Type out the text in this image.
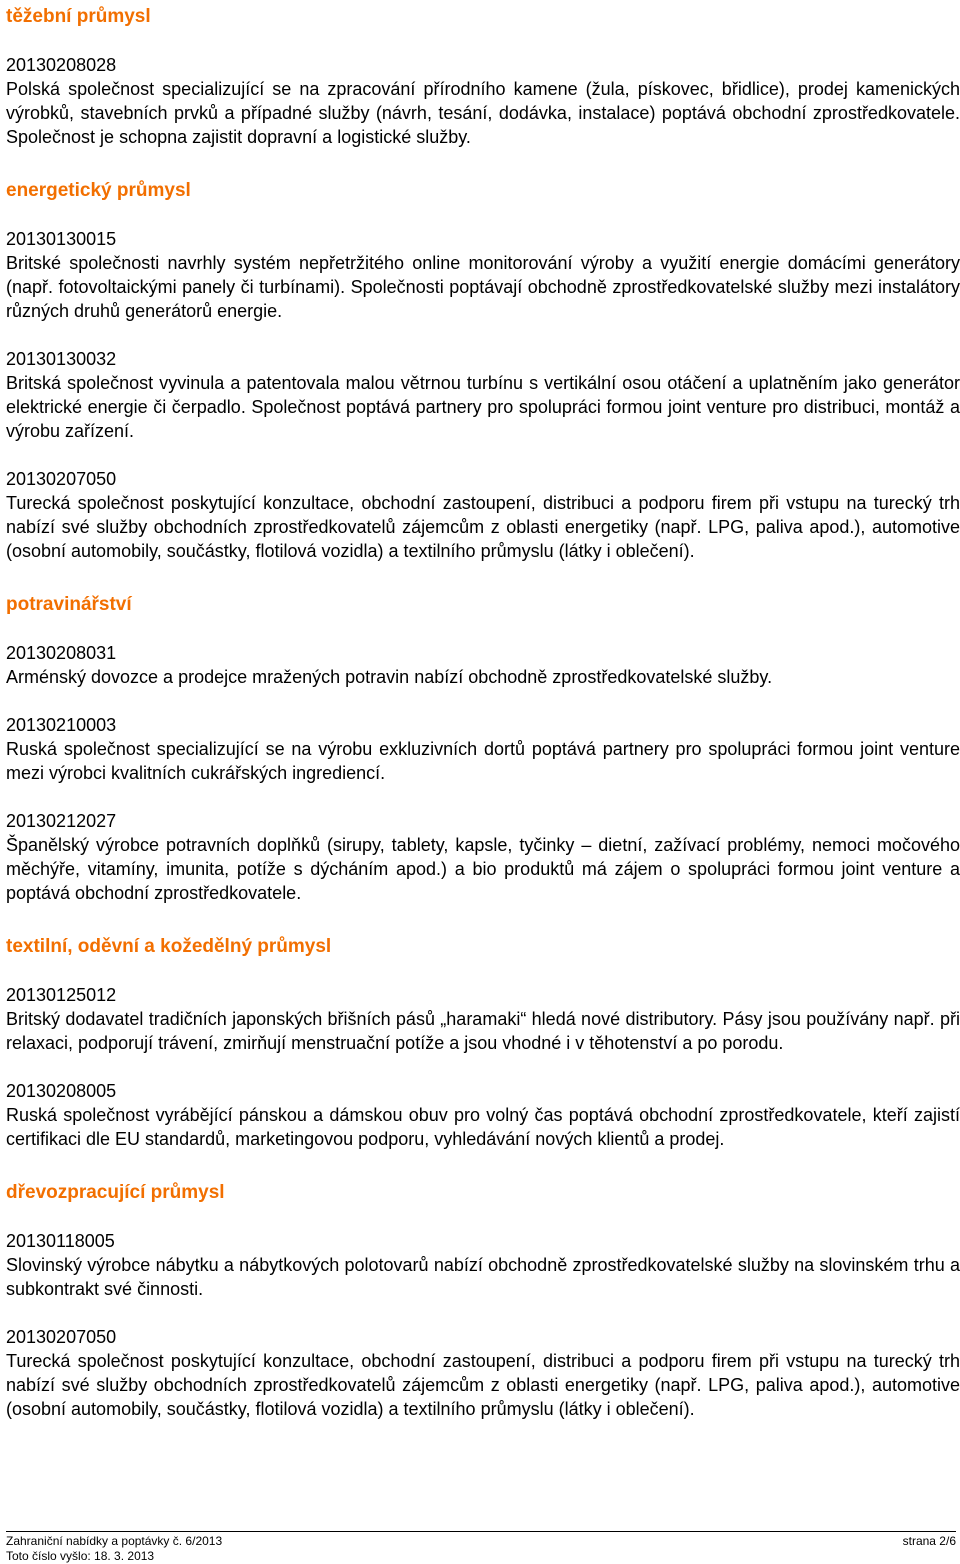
těžební průmysl
20130208028
Polská společnost specializující se na zpracování přírodního kamene (žula, pískovec, břidlice), prodej kamenických výrobků, stavebních prvků a případné služby (návrh, tesání, dodávka, instalace) poptává obchodní zprostředkovatele. Společnost je schopna zajistit dopravní a logistické služby.
energetický průmysl
20130130015
Britské společnosti navrhly systém nepřetržitého online monitorování výroby a využití energie domácími generátory (např. fotovoltaickými panely či turbínami). Společnosti poptávají obchodně zprostředkovatelské služby mezi instalátory různých druhů generátorů energie.
20130130032
Britská společnost vyvinula a patentovala malou větrnou turbínu s vertikální osou otáčení a uplatněním jako generátor elektrické energie či čerpadlo. Společnost poptává partnery pro spolupráci formou joint venture pro distribuci, montáž a výrobu zařízení.
20130207050
Turecká společnost poskytující konzultace, obchodní zastoupení, distribuci a podporu firem při vstupu na turecký trh nabízí své služby obchodních zprostředkovatelů zájemcům z oblasti energetiky (např. LPG, paliva apod.), automotive (osobní automobily, součástky, flotilová vozidla) a textilního průmyslu (látky i oblečení).
potravinářství
20130208031
Arménský dovozce a prodejce mražených potravin nabízí obchodně zprostředkovatelské služby.
20130210003
Ruská společnost specializující se na výrobu exkluzivních dortů poptává partnery pro spolupráci formou joint venture mezi výrobci kvalitních cukrářských ingrediencí.
20130212027
Španělský výrobce potravních doplňků (sirupy, tablety, kapsle, tyčinky – dietní, zažívací problémy, nemoci močového měchýře, vitamíny, imunita, potíže s dýcháním apod.) a bio produktů má zájem o spolupráci formou joint venture a poptává obchodní zprostředkovatele.
textilní, oděvní a kožedělný průmysl
20130125012
Britský dodavatel tradičních japonských břišních pásů „haramaki“ hledá nové distributory. Pásy jsou používány např. při relaxaci, podporují trávení, zmirňují menstruační potíže a jsou vhodné i v těhotenství a po porodu.
20130208005
Ruská společnost vyrábějící pánskou a dámskou obuv pro volný čas poptává obchodní zprostředkovatele, kteří zajistí certifikaci dle EU standardů, marketingovou podporu, vyhledávání nových klientů a prodej.
dřevozpracující průmysl
20130118005
Slovinský výrobce nábytku a nábytkových polotovarů nabízí obchodně zprostředkovatelské služby na slovinském trhu a subkontrakt své činnosti.
20130207050
Turecká společnost poskytující konzultace, obchodní zastoupení, distribuci a podporu firem při vstupu na turecký trh nabízí své služby obchodních zprostředkovatelů zájemcům z oblasti energetiky (např. LPG, paliva apod.), automotive (osobní automobily, součástky, flotilová vozidla) a textilního průmyslu (látky i oblečení).
Zahraniční nabídky a poptávky č. 6/2013	strana 2/6
Toto číslo vyšlo: 18. 3. 2013
